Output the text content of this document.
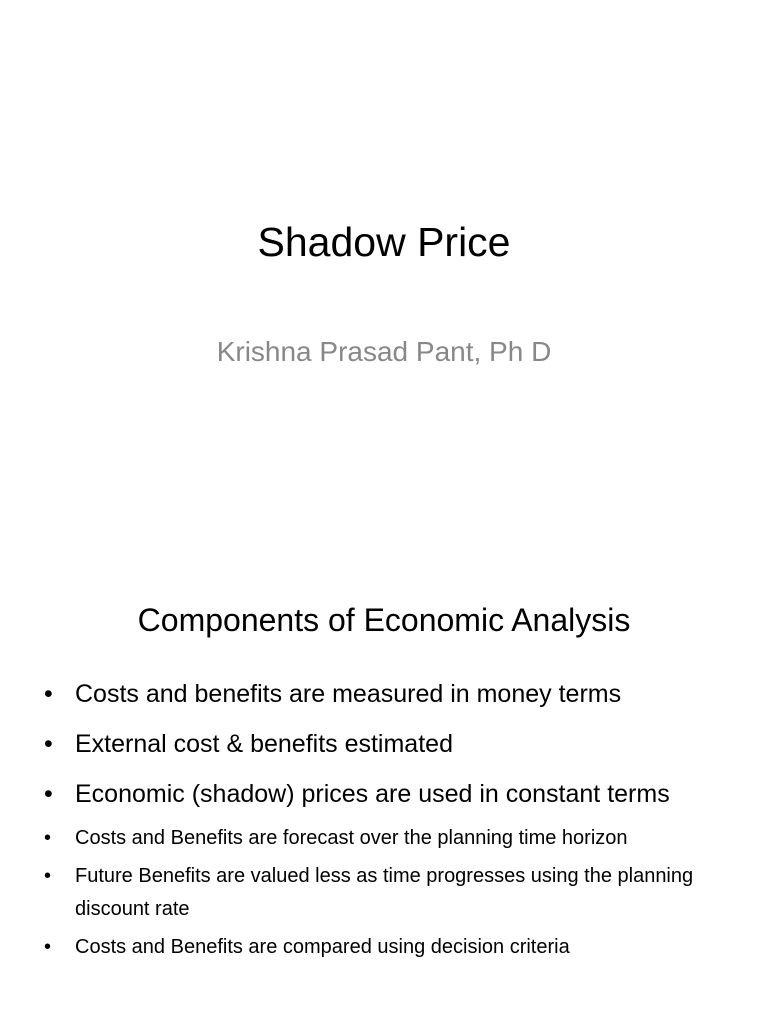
Shadow Price
Krishna Prasad Pant, Ph D
Components of Economic Analysis
• Costs and benefits are measured in money terms
• External cost & benefits estimated
• Economic (shadow) prices are used in constant terms
• Costs and Benefits are forecast over the planning time horizon
• Future Benefits are valued less as time progresses using the planning discount rate
• Costs and Benefits are compared using decision criteria
